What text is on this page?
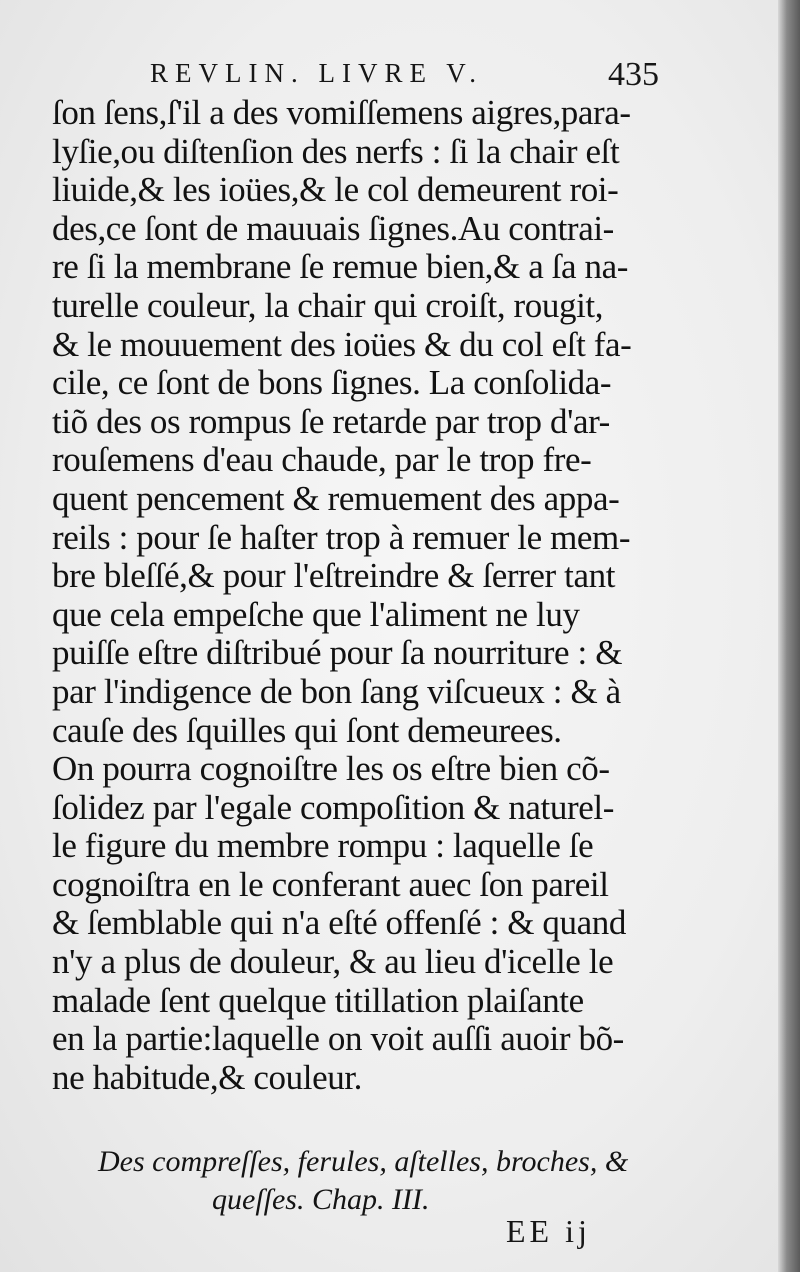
REVLIN. LIVRE V.	435
ſon ſens,ſ'il a des vomiſſemens aigres,para-
lyſie,ou diſtenſion des nerfs : ſi la chair eſt
liuide,& les ioües,& le col demeurent roi-
des,ce ſont de mauuais ſignes.Au contrai-
re ſi la membrane ſe remue bien,& a ſa na-
turelle couleur, la chair qui croiſt, rougit,
& le mouuement des ioües & du col eſt fa-
cile, ce ſont de bons ſignes. La conſolida-
tiõ des os rompus ſe retarde par trop d'ar-
rouſemens d'eau chaude, par le trop fre-
quent pencement & remuement des appa-
reils : pour ſe haſter trop à remuer le mem-
bre bleſſé,& pour l'eſtreindre & ſerrer tant
que cela empeſche que l'aliment ne luy
puiſſe eſtre diſtribué pour ſa nourriture : &
par l'indigence de bon ſang viſcueux : & à
cauſe des ſquilles qui ſont demeurees.
On pourra cognoiſtre les os eſtre bien cõ-
ſolidez par l'egale compoſition & naturel-
le figure du membre rompu : laquelle ſe
cognoiſtra en le conferant auec ſon pareil
& ſemblable qui n'a eſté offenſé : & quand
n'y a plus de douleur, & au lieu d'icelle le
malade ſent quelque titillation plaiſante
en la partie:laquelle on voit auſſi auoir bõ-
ne habitude,& couleur.
Des compreſſes, ferules, aſtelles, broches, &
queſſes. Chap. III.
EE ij
